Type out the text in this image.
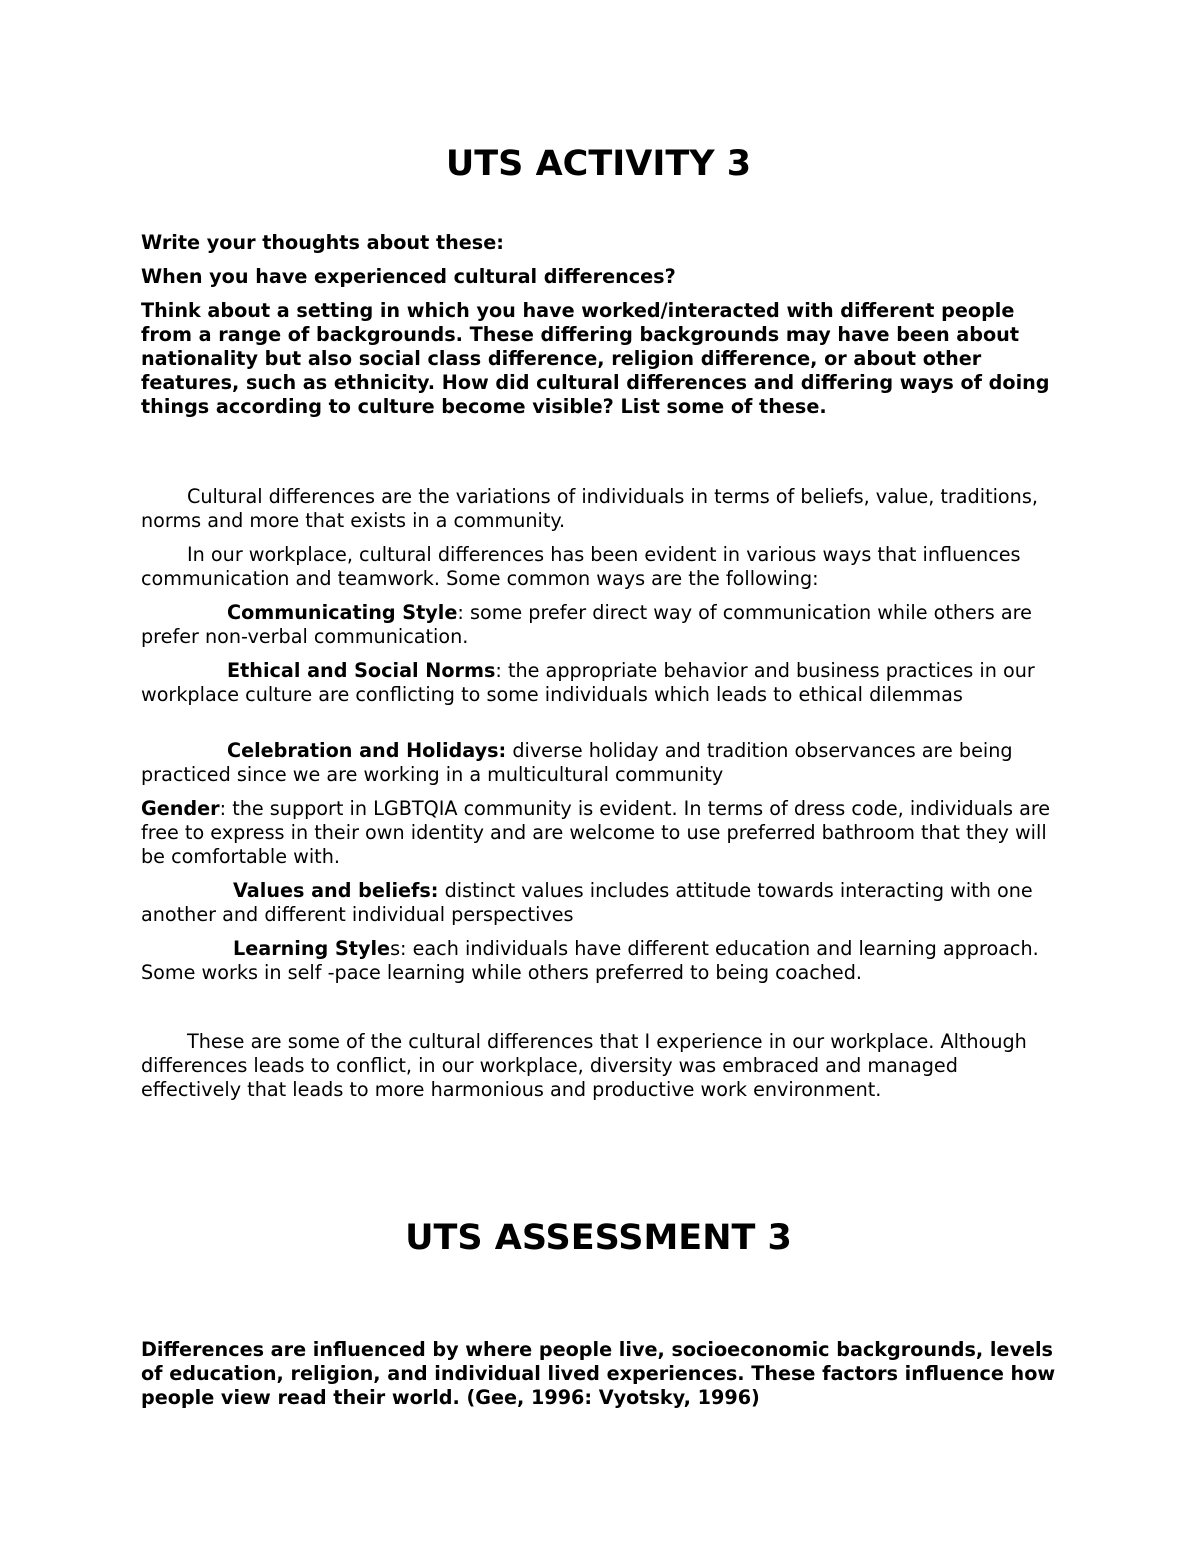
UTS ACTIVITY 3

Write your thoughts about these:

When you have experienced cultural differences?

Think about a setting in which you have worked/interacted with different people from a range of backgrounds. These differing backgrounds may have been about nationality but also social class difference, religion difference, or about other features, such as ethnicity. How did cultural differences and differing ways of doing things according to culture become visible? List some of these.

Cultural differences are the variations of individuals in terms of beliefs, value, traditions, norms and more that exists in a community.

In our workplace, cultural differences has been evident in various ways that influences communication and teamwork. Some common ways are the following:

Communicating Style: some prefer direct way of communication while others are prefer non-verbal communication.

Ethical and Social Norms: the appropriate behavior and business practices in our workplace culture are conflicting to some individuals which leads to ethical dilemmas

Celebration and Holidays: diverse holiday and tradition observances are being practiced since we are working in a multicultural community

Gender: the support in LGBTQIA community is evident. In terms of dress code, individuals are free to express in their own identity and are welcome to use preferred bathroom that they will be comfortable with.

Values and beliefs: distinct values includes attitude towards interacting with one another and different individual perspectives

Learning Styles: each individuals have different education and learning approach. Some works in self -pace learning while others preferred to being coached.

These are some of the cultural differences that I experience in our workplace. Although differences leads to conflict, in our workplace, diversity was embraced and managed effectively that leads to more harmonious and productive work environment.

UTS ASSESSMENT 3

Differences are influenced by where people live, socioeconomic backgrounds, levels of education, religion, and individual lived experiences. These factors influence how people view read their world. (Gee, 1996: Vyotsky, 1996)
